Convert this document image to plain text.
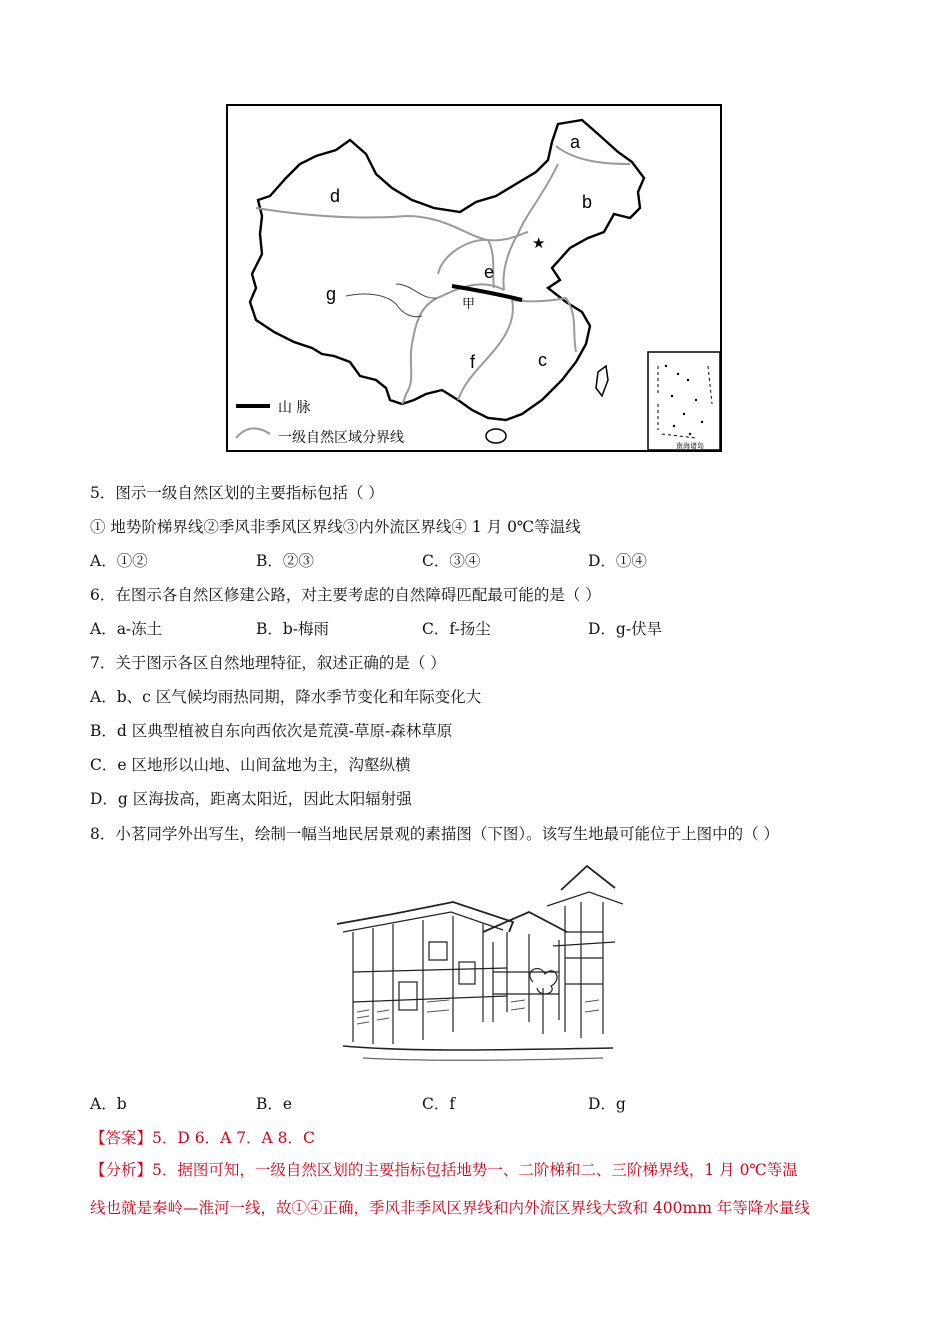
★
a
b
c
d
e
f
g
甲
山 脉
一级自然区域分界线	南海诸岛
5．图示一级自然区划的主要指标包括（ ）
① 地势阶梯界线②季风非季风区界线③内外流区界线④ 1 月 0℃等温线
A．①②	B．②③	C．③④	D．①④
6．在图示各自然区修建公路，对主要考虑的自然障碍匹配最可能的是（ ）
A．a-冻土	B．b-梅雨	C．f-扬尘	D．g-伏旱
7．关于图示各区自然地理特征，叙述正确的是（ ）
A．b、c 区气候均雨热同期，降水季节变化和年际变化大
B．d 区典型植被自东向西依次是荒漠-草原-森林草原
C．e 区地形以山地、山间盆地为主，沟壑纵横
D．g 区海拔高，距离太阳近，因此太阳辐射强
8．小茗同学外出写生，绘制一幅当地民居景观的素描图（下图）。该写生地最可能位于上图中的（ ）
A．b	B．e	C．f	D．g
【答案】5．D 6．A 7．A 8．C
【分析】5．据图可知，一级自然区划的主要指标包括地势一、二阶梯和二、三阶梯界线，1 月 0℃等温
线也就是秦岭—淮河一线，故①④正确，季风非季风区界线和内外流区界线大致和 400mm 年等降水量线
